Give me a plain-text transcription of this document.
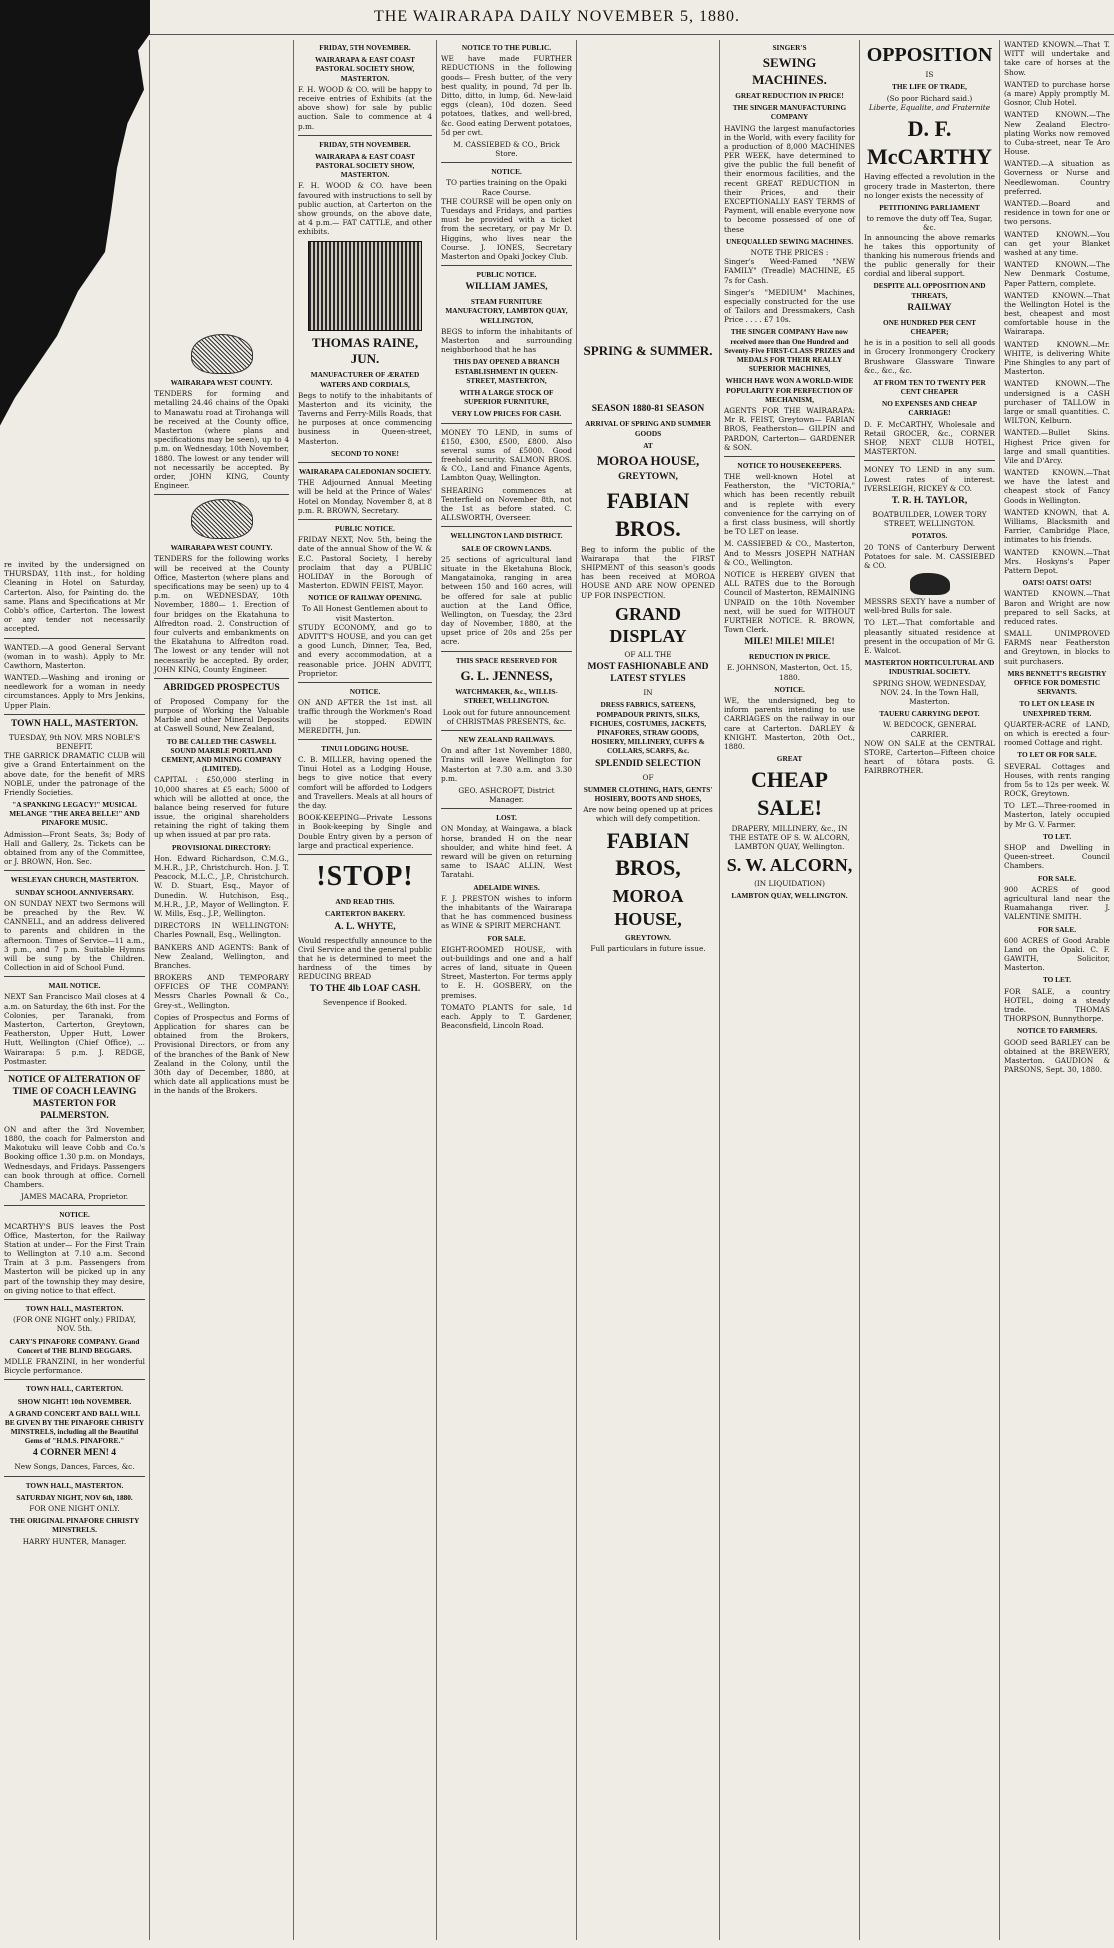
THE WAIRARAPA DAILY NOVEMBER 5, 1880.

re invited by the undersigned on THURSDAY, 11th inst., for holding Cleaning in Hotel on Saturday, Carterton. Also, for Painting do. the same. Plans and Specifications at Mr Cobb's office, Carterton. The lowest or any tender not necessarily accepted.

WANTED.—A good General Servant (woman in to wash). Apply to Mr. Cawthorn, Masterton.

WANTED.—Washing and ironing or needlework for a woman in needy circumstances. Apply to Mrs Jenkins, Upper Plain.

TOWN HALL, MASTERTON.
TUESDAY, 9th NOV. MRS NOBLE'S BENEFIT.

THE GARRICK DRAMATIC CLUB will give a Grand Entertainment on the above date, for the benefit of MRS NOBLE, under the patronage of the Friendly Societies.

"A SPANKING LEGACY!" MUSICAL MELANGE "THE AREA BELLE!" AND PINAFORE MUSIC.

Admission—Front Seats, 3s; Body of Hall and Gallery, 2s. Tickets can be obtained from any of the Committee, or J. BROWN, Hon. Sec.

WESLEYAN CHURCH, MASTERTON.
SUNDAY SCHOOL ANNIVERSARY.

ON SUNDAY NEXT two Sermons will be preached by the Rev. W. CANNELL, and an address delivered to parents and children in the afternoon. Times of Service—11 a.m., 3 p.m., and 7 p.m. Suitable Hymns will be sung by the Children. Collection in aid of School Fund.

MAIL NOTICE.

NEXT San Francisco Mail closes at 4 a.m. on Saturday, the 6th inst. For the Colonies, per Taranaki, from Masterton, Carterton, Greytown, Featherston, Upper Hutt, Lower Hutt, Wellington (Chief Office), ... Wairarapa: 5 p.m. J. REDGE, Postmaster.

NOTICE OF ALTERATION OF TIME OF COACH LEAVING MASTERTON FOR PALMERSTON.

ON and after the 3rd November, 1880, the coach for Palmerston and Makotuku will leave Cobb and Co.'s Booking office 1.30 p.m. on Mondays, Wednesdays, and Fridays. Passengers can book through at office. Cornell Chambers.

JAMES MACARA, Proprietor.
NOTICE.

MCARTHY'S BUS leaves the Post Office, Masterton, for the Railway Station at under— For the First Train to Wellington at 7.10 a.m. Second Train at 3 p.m. Passengers from Masterton will be picked up in any part of the township they may desire, on giving notice to that effect.

TOWN HALL, MASTERTON.
(FOR ONE NIGHT only.) FRIDAY, NOV. 5th.
CARY'S PINAFORE COMPANY. Grand Concert of THE BLIND BEGGARS.

MDLLE FRANZINI, in her wonderful Bicycle performance.

TOWN HALL, CARTERTON.
SHOW NIGHT! 10th NOVEMBER.
A GRAND CONCERT AND BALL WILL BE GIVEN BY THE PINAFORE CHRISTY MINSTRELS, including all the Beautiful Gems of "H.M.S. PINAFORE."
4 CORNER MEN! 4
New Songs, Dances, Farces, &c.
TOWN HALL, MASTERTON.
SATURDAY NIGHT, NOV 6th, 1880.
FOR ONE NIGHT ONLY.
THE ORIGINAL PINAFORE CHRISTY MINSTRELS.
HARRY HUNTER, Manager.
WAIRARAPA WEST COUNTY.

TENDERS for forming and metalling 24.46 chains of the Opaki to Manawatu road at Tirohanga will be received at the County office, Masterton (where plans and specifications may be seen), up to 4 p.m. on Wednesday, 10th November, 1880. The lowest or any tender will not necessarily be accepted. By order, JOHN KING, County Engineer.

WAIRARAPA WEST COUNTY.

TENDERS for the following works will be received at the County Office, Masterton (where plans and specifications may be seen) up to 4 p.m. on WEDNESDAY, 10th November, 1880— 1. Erection of four bridges on the Ekatahuna to Alfredton road. 2. Construction of four culverts and embankments on the Ekatahuna to Alfredton road. The lowest or any tender will not necessarily be accepted. By order, JOHN KING, County Engineer.

ABRIDGED PROSPECTUS

of Proposed Company for the purpose of Working the Valuable Marble and other Mineral Deposits at Caswell Sound, New Zealand,

TO BE CALLED THE CASWELL SOUND MARBLE PORTLAND CEMENT, AND MINING COMPANY (LIMITED).

CAPITAL : £50,000 sterling in 10,000 shares at £5 each; 5000 of which will be allotted at once, the balance being reserved for future issue, the original shareholders retaining the right of taking them up when issued at par pro rata.

PROVISIONAL DIRECTORY:

Hon. Edward Richardson, C.M.G., M.H.R., J.P., Christchurch. Hon. J. T. Peacock, M.L.C., J.P., Christchurch. W. D. Stuart, Esq., Mayor of Dunedin. W. Hutchison, Esq., M.H.R., J.P., Mayor of Wellington. F. W. Mills, Esq., J.P., Wellington.

DIRECTORS IN WELLINGTON: Charles Pownall, Esq., Wellington.

BANKERS AND AGENTS: Bank of New Zealand, Wellington, and Branches.

BROKERS AND TEMPORARY OFFICES OF THE COMPANY: Messrs Charles Pownall & Co., Grey-st., Wellington.

Copies of Prospectus and Forms of Application for shares can be obtained from the Brokers, Provisional Directors, or from any of the branches of the Bank of New Zealand in the Colony, until the 30th day of December, 1880, at which date all applications must be in the hands of the Brokers.

FRIDAY, 5TH NOVEMBER.
WAIRARAPA & EAST COAST PASTORAL SOCIETY SHOW, MASTERTON.

F. H. WOOD & CO. will be happy to receive entries of Exhibits (at the above show) for sale by public auction. Sale to commence at 4 p.m.

FRIDAY, 5TH NOVEMBER.
WAIRARAPA & EAST COAST PASTORAL SOCIETY SHOW, MASTERTON.

F. H. WOOD & CO. have been favoured with instructions to sell by public auction, at Carterton on the show grounds, on the above date, at 4 p.m.— FAT CATTLE, and other exhibits.

THOMAS RAINE, JUN.
MANUFACTURER OF ÆRATED WATERS AND CORDIALS,

Begs to notify to the inhabitants of Masterton and its vicinity, the Taverns and Ferry-Mills Roads, that he purposes at once commencing business in Queen-street, Masterton.

SECOND TO NONE!
WAIRARAPA CALEDONIAN SOCIETY.

THE Adjourned Annual Meeting will be held at the Prince of Wales' Hotel on Monday, November 8, at 8 p.m. R. BROWN, Secretary.

PUBLIC NOTICE.

FRIDAY NEXT, Nov. 5th, being the date of the annual Show of the W. & E.C. Pastoral Society, I hereby proclaim that day a PUBLIC HOLIDAY in the Borough of Masterton. EDWIN FEIST, Mayor.

NOTICE OF RAILWAY OPENING.
To All Honest Gentlemen about to visit Masterton.

STUDY ECONOMY, and go to ADVITT'S HOUSE, and you can get a good Lunch, Dinner, Tea, Bed, and every accommodation, at a reasonable price. JOHN ADVITT, Proprietor.

NOTICE.

ON AND AFTER the 1st inst. all traffic through the Workmen's Road will be stopped. EDWIN MEREDITH, Jun.

TINUI LODGING HOUSE.

C. B. MILLER, having opened the Tinui Hotel as a Lodging House, begs to give notice that every comfort will be afforded to Lodgers and Travellers. Meals at all hours of the day.

BOOK-KEEPING—Private Lessons in Book-keeping by Single and Double Entry given by a person of large and practical experience.

!STOP!
AND READ THIS.
CARTERTON BAKERY.
A. L. WHYTE,

Would respectfully announce to the Civil Service and the general public that he is determined to meet the hardness of the times by REDUCING BREAD

TO THE 4lb LOAF CASH.
Sevenpence if Booked.
NOTICE TO THE PUBLIC.

WE have made FURTHER REDUCTIONS in the following goods— Fresh butter, of the very best quality, in pound, 7d per lb. Ditto, ditto, in lump, 6d. New-laid eggs (clean), 10d dozen. Seed potatoes, tlatkes, and well-bred, &c. Good eating Derwent potatoes, 5d per cwt.

M. CASSIEBED & CO., Brick Store.
NOTICE.
TO parties training on the Opaki Race Course.

THE COURSE will be open only on Tuesdays and Fridays, and parties must be provided with a ticket from the secretary, or pay Mr D. Higgins, who lives near the Course. J. IONES, Secretary Masterton and Opaki Jockey Club.

PUBLIC NOTICE.
WILLIAM JAMES,
STEAM FURNITURE MANUFACTORY, LAMBTON QUAY, WELLINGTON,

BEGS to inform the inhabitants of Masterton and surrounding neighborhood that he has

THIS DAY OPENED A BRANCH ESTABLISHMENT IN QUEEN-STREET, MASTERTON,
WITH A LARGE STOCK OF SUPERIOR FURNITURE,
VERY LOW PRICES FOR CASH.

MONEY TO LEND, in sums of £150, £300, £500, £800. Also several sums of £5000. Good freehold security. SALMON BROS. & CO., Land and Finance Agents, Lambton Quay, Wellington.

SHEARING commences at Tenterfield on November 8th, not the 1st as before stated. C. ALLSWORTH, Overseer.

WELLINGTON LAND DISTRICT.
SALE OF CROWN LANDS.

25 sections of agricultural land situate in the Eketahuna Block, Mangatainoka, ranging in area between 150 and 160 acres, will be offered for sale at public auction at the Land Office, Wellington, on Tuesday, the 23rd day of November, 1880, at the upset price of 20s and 25s per acre.

THIS SPACE RESERVED FOR
G. L. JENNESS,
WATCHMAKER, &c., WILLIS-STREET, WELLINGTON.
Look out for future announcement of CHRISTMAS PRESENTS, &c.
NEW ZEALAND RAILWAYS.

On and after 1st November 1880, Trains will leave Wellington for Masterton at 7.30 a.m. and 3.30 p.m.

GEO. ASHCROFT, District Manager.
LOST.

ON Monday, at Waingawa, a black horse, branded H on the near shoulder, and white hind feet. A reward will be given on returning same to ISAAC ALLIN, West Taratahi.

ADELAIDE WINES.

F. J. PRESTON wishes to inform the inhabitants of the Wairarapa that he has commenced business as WINE & SPIRIT MERCHANT.

FOR SALE.

EIGHT-ROOMED HOUSE, with out-buildings and one and a half acres of land, situate in Queen Street, Masterton. For terms apply to E. H. GOSBERY, on the premises.

TOMATO PLANTS for sale, 1d each. Apply to T. Gardener, Beaconsfield, Lincoln Road.

SPRING & SUMMER.
SEASON 1880-81 SEASON
ARRIVAL OF SPRING AND SUMMER GOODS
AT
MOROA HOUSE,
GREYTOWN,
FABIAN BROS.

Beg to inform the public of the Wairarapa that the FIRST SHIPMENT of this season's goods has been received at MOROA HOUSE AND ARE NOW OPENED UP FOR INSPECTION.

GRAND DISPLAY
OF ALL THE
MOST FASHIONABLE AND LATEST STYLES
IN
DRESS FABRICS, SATEENS, POMPADOUR PRINTS, SILKS, FICHUES, COSTUMES, JACKETS, PINAFORES, STRAW GOODS, HOSIERY, MILLINERY, CUFFS & COLLARS, SCARFS, &c.
SPLENDID SELECTION
OF
SUMMER CLOTHING, HATS, GENTS' HOSIERY, BOOTS AND SHOES,
Are now being opened up at prices which will defy competition.
FABIAN BROS,
MOROA HOUSE,
GREYTOWN.
Full particulars in future issue.
SINGER'S
SEWING MACHINES.
GREAT REDUCTION IN PRICE!
THE SINGER MANUFACTURING COMPANY

HAVING the largest manufactories in the World, with every facility for a production of 8,000 MACHINES PER WEEK, have determined to give the public the full benefit of their enormous facilities, and the recent GREAT REDUCTION in their Prices, and their EXCEPTIONALLY EASY TERMS of Payment, will enable everyone now to become possessed of one of these

UNEQUALLED SEWING MACHINES.
NOTE THE PRICES :

Singer's Weed-Famed "NEW FAMILY" (Treadle) MACHINE, £5 7s for Cash.

Singer's "MEDIUM" Machines, especially constructed for the use of Tailors and Dressmakers, Cash Price . . . . £7 10s.

THE SINGER COMPANY Have now received more than One Hundred and Seventy-Five FIRST-CLASS PRIZES and MEDALS FOR THEIR REALLY SUPERIOR MACHINES,
WHICH HAVE WON A WORLD-WIDE POPULARITY FOR PERFECTION OF MECHANISM,

AGENTS FOR THE WAIRARAPA: Mr R. FEIST, Greytown— FABIAN BROS, Featherston— GILPIN and PARDON, Carterton— GARDENER & SON.

NOTICE TO HOUSEKEEPERS.

THE well-known Hotel at Featherston, the "VICTORIA," which has been recently rebuilt and is replete with every convenience for the carrying on of a first class business, will shortly be TO LET on lease.

M. CASSIEBED & CO., Masterton, And to Messrs JOSEPH NATHAN & CO., Wellington.

NOTICE is HEREBY GIVEN that ALL RATES due to the Borough Council of Masterton, REMAINING UNPAID on the 10th November next, will be sued for WITHOUT FURTHER NOTICE. R. BROWN, Town Clerk.

MILE! MILE! MILE!
REDUCTION IN PRICE.
E. JOHNSON, Masterton, Oct. 15, 1880.
NOTICE.

WE, the undersigned, beg to inform parents intending to use CARRIAGES on the railway in our care at Carterton. DARLEY & KNIGHT. Masterton, 20th Oct., 1880.

GREAT
CHEAP SALE!
DRAPERY, MILLINERY, &c., IN THE ESTATE OF S. W. ALCORN, LAMBTON QUAY, Wellington.
S. W. ALCORN,
(IN LIQUIDATION)
LAMBTON QUAY, WELLINGTON.
OPPOSITION
IS
THE LIFE OF TRADE,
(So poor Richard said.)
Liberte, Equalite, and Fraternite
D. F. McCARTHY

Having effected a revolution in the grocery trade in Masterton, there no longer exists the necessity of

PETITIONING PARLIAMENT
to remove the duty off Tea, Sugar, &c.

In announcing the above remarks he takes this opportunity of thanking his numerous friends and the public generally for their cordial and liberal support.

DESPITE ALL OPPOSITION AND THREATS,
RAILWAY
ONE HUNDRED PER CENT CHEAPER;

he is in a position to sell all goods in Grocery Ironmongery Crockery Brushware Glassware Tinware &c., &c., &c.

AT FROM TEN TO TWENTY PER CENT CHEAPER
NO EXPENSES AND CHEAP CARRIAGE!

D. F. McCARTHY, Wholesale and Retail GROCER, &c., CORNER SHOP, NEXT CLUB HOTEL, MASTERTON.

MONEY TO LEND in any sum. Lowest rates of interest. IVERSLEIGH, RICKEY & CO.

T. R. H. TAYLOR,
BOATBUILDER, LOWER TORY STREET, WELLINGTON.
POTATOS.

20 TONS of Canterbury Derwent Potatoes for sale. M. CASSIEBED & CO.

MESSRS SEXTY have a number of well-bred Bulls for sale.

TO LET.—That comfortable and pleasantly situated residence at present in the occupation of Mr G. E. Walcot.

MASTERTON HORTICULTURAL AND INDUSTRIAL SOCIETY.
SPRING SHOW, WEDNESDAY, NOV. 24. In the Town Hall, Masterton.
TAUERU CARRYING DEPOT.
W. BEDCOCK, GENERAL CARRIER.

NOW ON SALE at the CENTRAL STORE, Carterton—Fifteen choice heart of tōtara posts. G. FAIRBROTHER.

WANTED KNOWN.—That T. WITT will undertake and take care of horses at the Show.

WANTED to purchase horse (a mare) Apply promptly M. Gosnor, Club Hotel.

WANTED KNOWN.—The New Zealand Electro-plating Works now removed to Cuba-street, near Te Aro House.

WANTED.—A situation as Governess or Nurse and Needlewoman. Country preferred.

WANTED.—Board and residence in town for one or two persons.

WANTED KNOWN.—You can get your Blanket washed at any time.

WANTED KNOWN.—The New Denmark Costume, Paper Pattern, complete.

WANTED KNOWN.—That the Wellington Hotel is the best, cheapest and most comfortable house in the Wairarapa.

WANTED KNOWN.—Mr. WHITE, is delivering White Pine Shingles to any part of Masterton.

WANTED KNOWN.—The undersigned is a CASH purchaser of TALLOW in large or small quantities. C. WILTON, Kelburn.

WANTED.—Bullet Skins. Highest Price given for large and small quantities. Vile and D'Arcy.

WANTED KNOWN.—That we have the latest and cheapest stock of Fancy Goods in Wellington.

WANTED KNOWN, that A. Williams, Blacksmith and Farrier, Cambridge Place, intimates to his friends.

WANTED KNOWN.—That Mrs. Hoskyns's Paper Pattern Depot.

OATS! OATS! OATS!

WANTED KNOWN.—That Baron and Wright are now prepared to sell Sacks, at reduced rates.

SMALL UNIMPROVED FARMS near Featherston and Greytown, in blocks to suit purchasers.

MRS BENNETT'S REGISTRY OFFICE FOR DOMESTIC SERVANTS.
TO LET ON LEASE IN UNEXPIRED TERM.

QUARTER-ACRE of LAND, on which is erected a four-roomed Cottage and right.

TO LET OR FOR SALE.

SEVERAL Cottages and Houses, with rents ranging from 5s to 12s per week. W. ROCK, Greytown.

TO LET.—Three-roomed in Masterton, lately occupied by Mr G. V. Farmer.

TO LET.

SHOP and Dwelling in Queen-street. Council Chambers.

FOR SALE.

900 ACRES of good agricultural land near the Ruamahanga river. J. VALENTINE SMITH.

FOR SALE.

600 ACRES of Good Arable Land on the Opaki. C. F. GAWITH, Solicitor, Masterton.

TO LET.

FOR SALE, a country HOTEL, doing a steady trade. THOMAS THORPSON, Bunnythorpe.

NOTICE TO FARMERS.

GOOD seed BARLEY can be obtained at the BREWERY, Masterton. GAUDION & PARSONS, Sept. 30, 1880.
